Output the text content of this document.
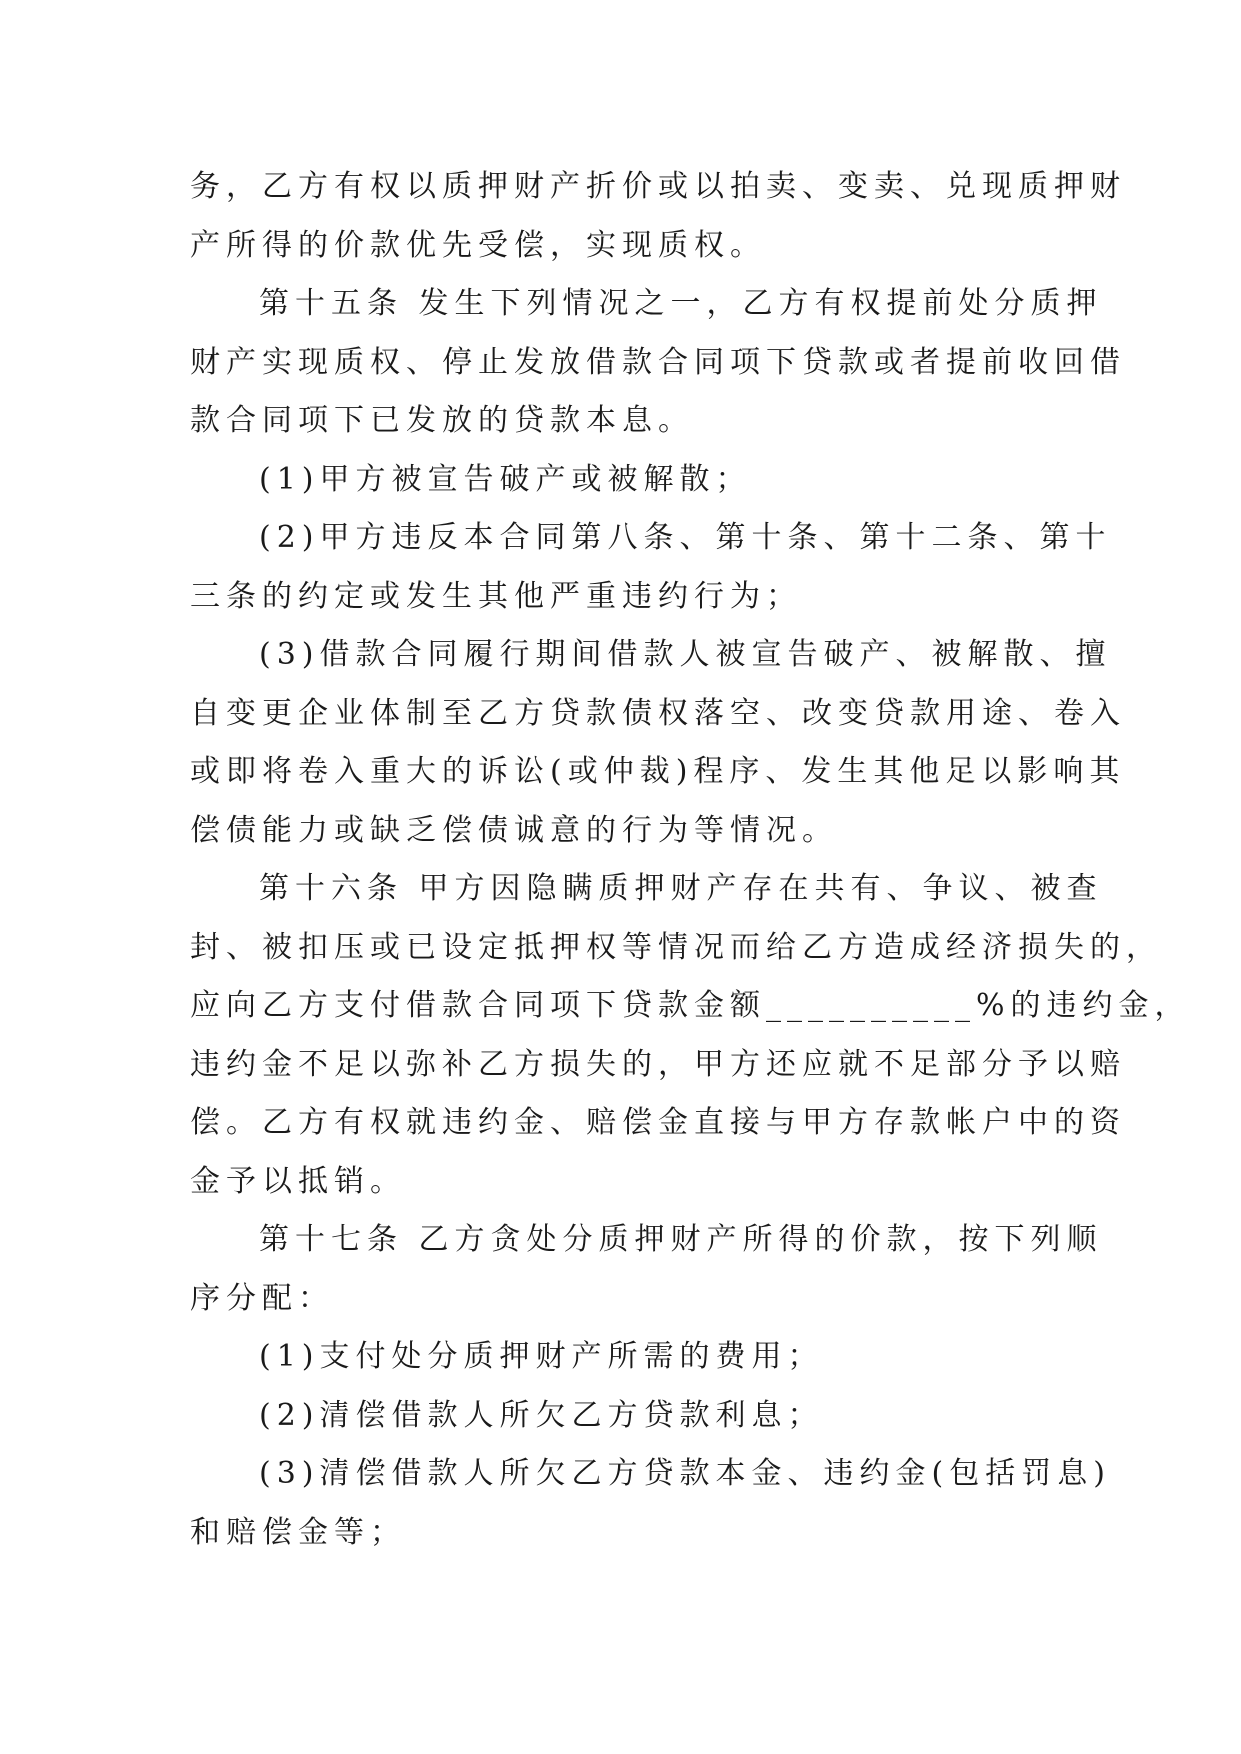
务，乙方有权以质押财产折价或以拍卖、变卖、兑现质押财
产所得的价款优先受偿，实现质权。
第十五条 发生下列情况之一，乙方有权提前处分质押
财产实现质权、停止发放借款合同项下贷款或者提前收回借
款合同项下已发放的贷款本息。
(1)甲方被宣告破产或被解散；
(2)甲方违反本合同第八条、第十条、第十二条、第十
三条的约定或发生其他严重违约行为；
(3)借款合同履行期间借款人被宣告破产、被解散、擅
自变更企业体制至乙方贷款债权落空、改变贷款用途、卷入
或即将卷入重大的诉讼(或仲裁)程序、发生其他足以影响其
偿债能力或缺乏偿债诚意的行为等情况。
第十六条 甲方因隐瞒质押财产存在共有、争议、被查
封、被扣压或已设定抵押权等情况而给乙方造成经济损失的，
应向乙方支付借款合同项下贷款金额__________%的违约金，
违约金不足以弥补乙方损失的，甲方还应就不足部分予以赔
偿。乙方有权就违约金、赔偿金直接与甲方存款帐户中的资
金予以抵销。
第十七条 乙方贪处分质押财产所得的价款，按下列顺
序分配：
(1)支付处分质押财产所需的费用；
(2)清偿借款人所欠乙方贷款利息；
(3)清偿借款人所欠乙方贷款本金、违约金(包括罚息)
和赔偿金等；
